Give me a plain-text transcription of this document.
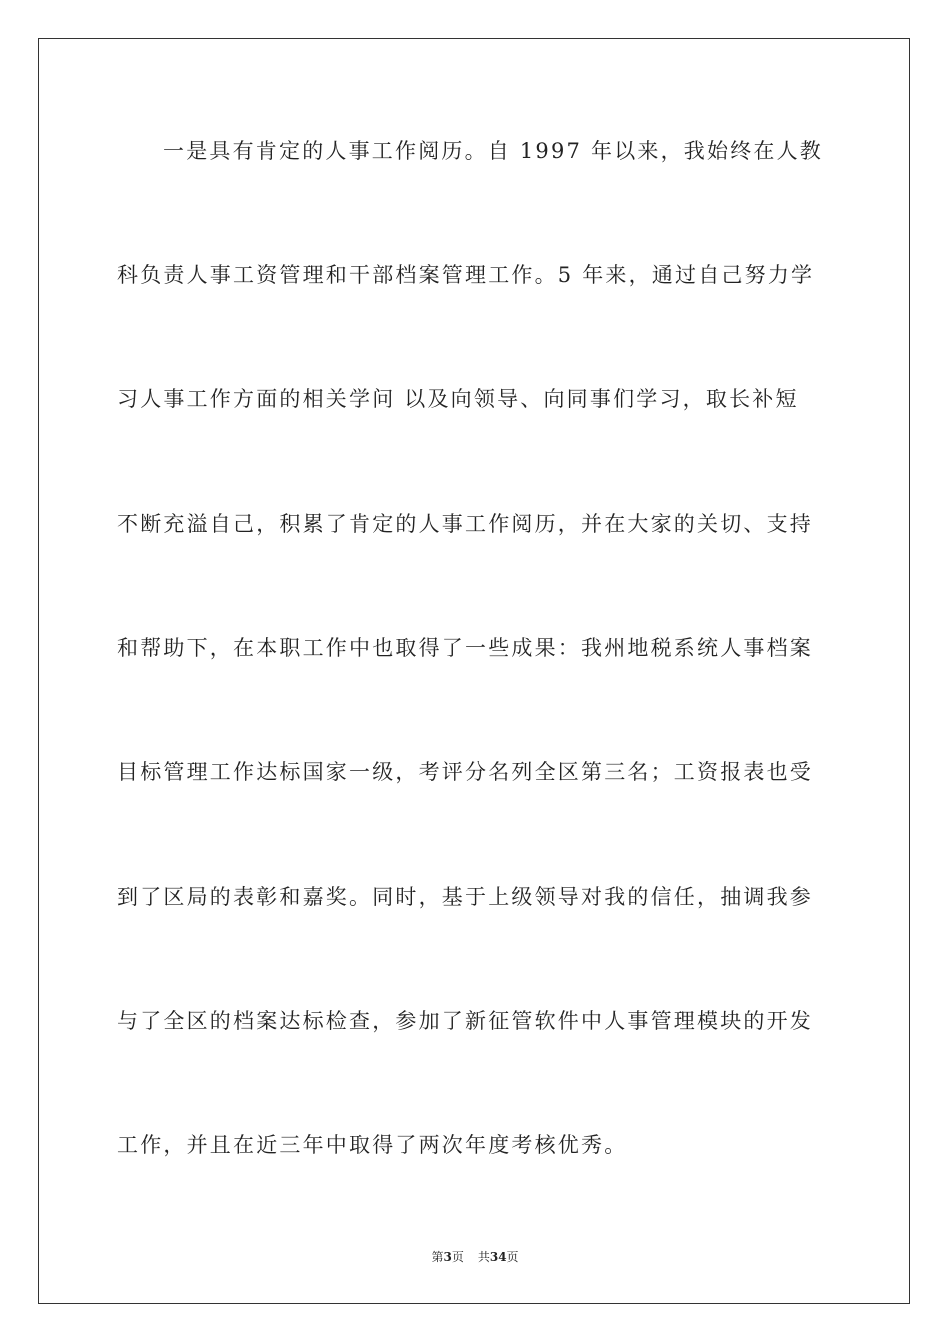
一是具有肯定的人事工作阅历。自 1997 年以来，我始终在人教
科负责人事工资管理和干部档案管理工作。5 年来，通过自己努力学
习人事工作方面的相关学问 以及向领导、向同事们学习，取长补短
不断充溢自己，积累了肯定的人事工作阅历，并在大家的关切、支持
和帮助下，在本职工作中也取得了一些成果：我州地税系统人事档案
目标管理工作达标国家一级，考评分名列全区第三名；工资报表也受
到了区局的表彰和嘉奖。同时，基于上级领导对我的信任，抽调我参
与了全区的档案达标检查，参加了新征管软件中人事管理模块的开发
工作，并且在近三年中取得了两次年度考核优秀。
第3页 共34页
